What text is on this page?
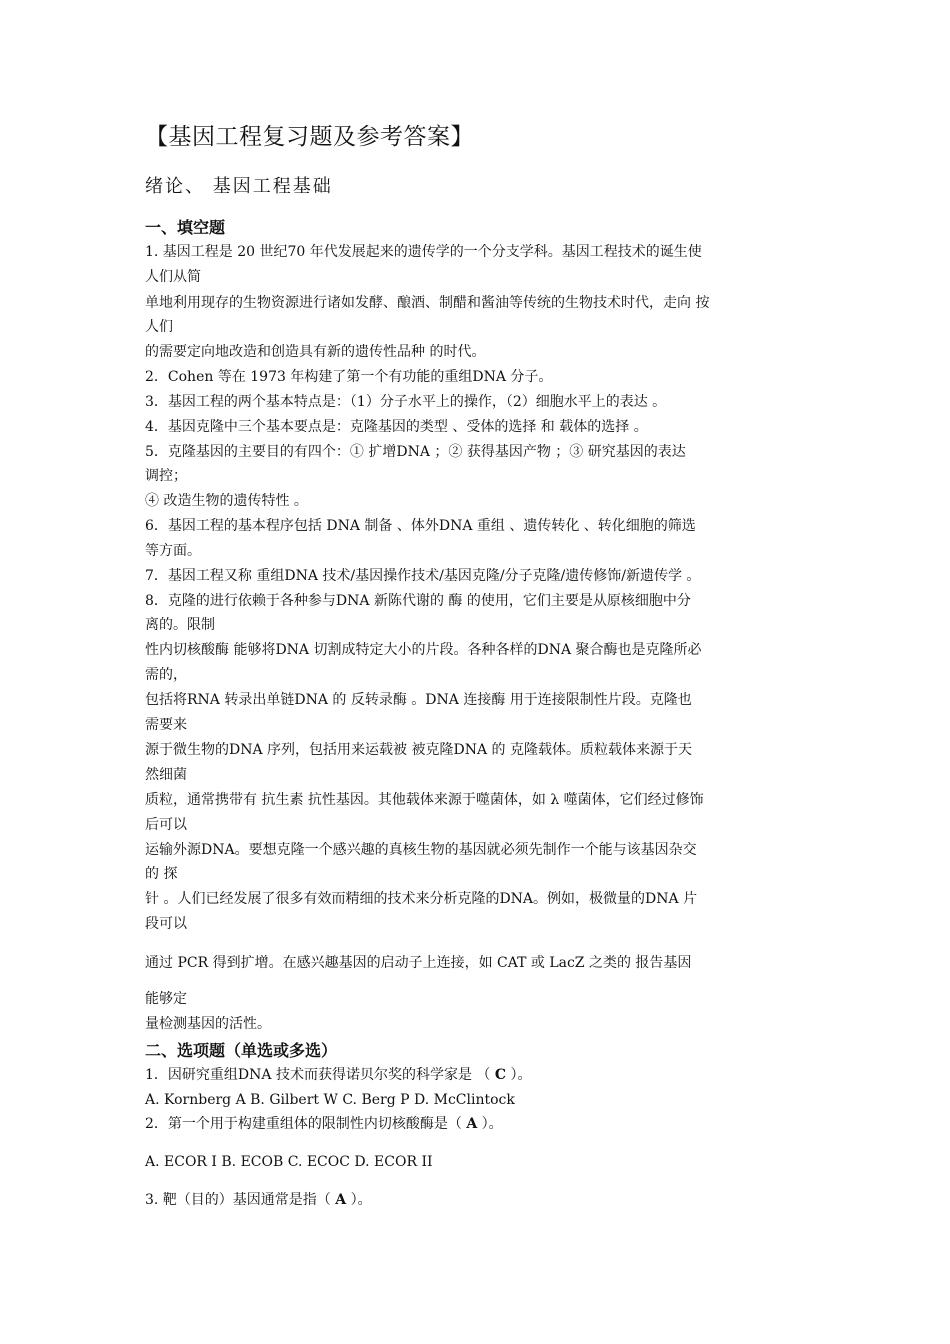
【基因工程复习题及参考答案】
绪论、 基因工程基础
一、填空题
1. 基因工程是 20 世纪70 年代发展起来的遗传学的一个分支学科。基因工程技术的诞生使
人们从简
单地利用现存的生物资源进行诸如发酵、酿酒、制醋和酱油等传统的生物技术时代，走向 按
人们
的需要定向地改造和创造具有新的遗传性品种 的时代。
2．Cohen 等在 1973 年构建了第一个有功能的重组DNA 分子。
3．基因工程的两个基本特点是：（1）分子水平上的操作，（2）细胞水平上的表达 。
4．基因克隆中三个基本要点是：克隆基因的类型 、受体的选择 和 载体的选择 。
5．克隆基因的主要目的有四个：① 扩增DNA ；② 获得基因产物 ；③ 研究基因的表达
调控；
④ 改造生物的遗传特性 。
6．基因工程的基本程序包括 DNA 制备 、体外DNA 重组 、遗传转化 、转化细胞的筛选
等方面。
7．基因工程又称 重组DNA 技术/基因操作技术/基因克隆/分子克隆/遗传修饰/新遗传学 。
8．克隆的进行依赖于各种参与DNA 新陈代谢的 酶 的使用，它们主要是从原核细胞中分
离的。限制
性内切核酸酶 能够将DNA 切割成特定大小的片段。各种各样的DNA 聚合酶也是克隆所必
需的，
包括将RNA 转录出单链DNA 的 反转录酶 。DNA 连接酶 用于连接限制性片段。克隆也
需要来
源于微生物的DNA 序列，包括用来运载被 被克隆DNA 的 克隆载体。质粒载体来源于天
然细菌
质粒，通常携带有 抗生素 抗性基因。其他载体来源于噬菌体，如 λ 噬菌体，它们经过修饰
后可以
运输外源DNA。要想克隆一个感兴趣的真核生物的基因就必须先制作一个能与该基因杂交
的 探
针 。人们已经发展了很多有效而精细的技术来分析克隆的DNA。例如，极微量的DNA 片
段可以
通过 PCR 得到扩增。在感兴趣基因的启动子上连接，如 CAT 或 LacZ 之类的 报告基因
能够定
量检测基因的活性。
二、选项题（单选或多选）
1．因研究重组DNA 技术而获得诺贝尔奖的科学家是 （ C ）。
A. Kornberg A B. Gilbert W C. Berg P D. McClintock
2．第一个用于构建重组体的限制性内切核酸酶是（ A ）。
A. ECOR I B. ECOB C. ECOC D. ECOR II
3. 靶（目的）基因通常是指（ A ）。
